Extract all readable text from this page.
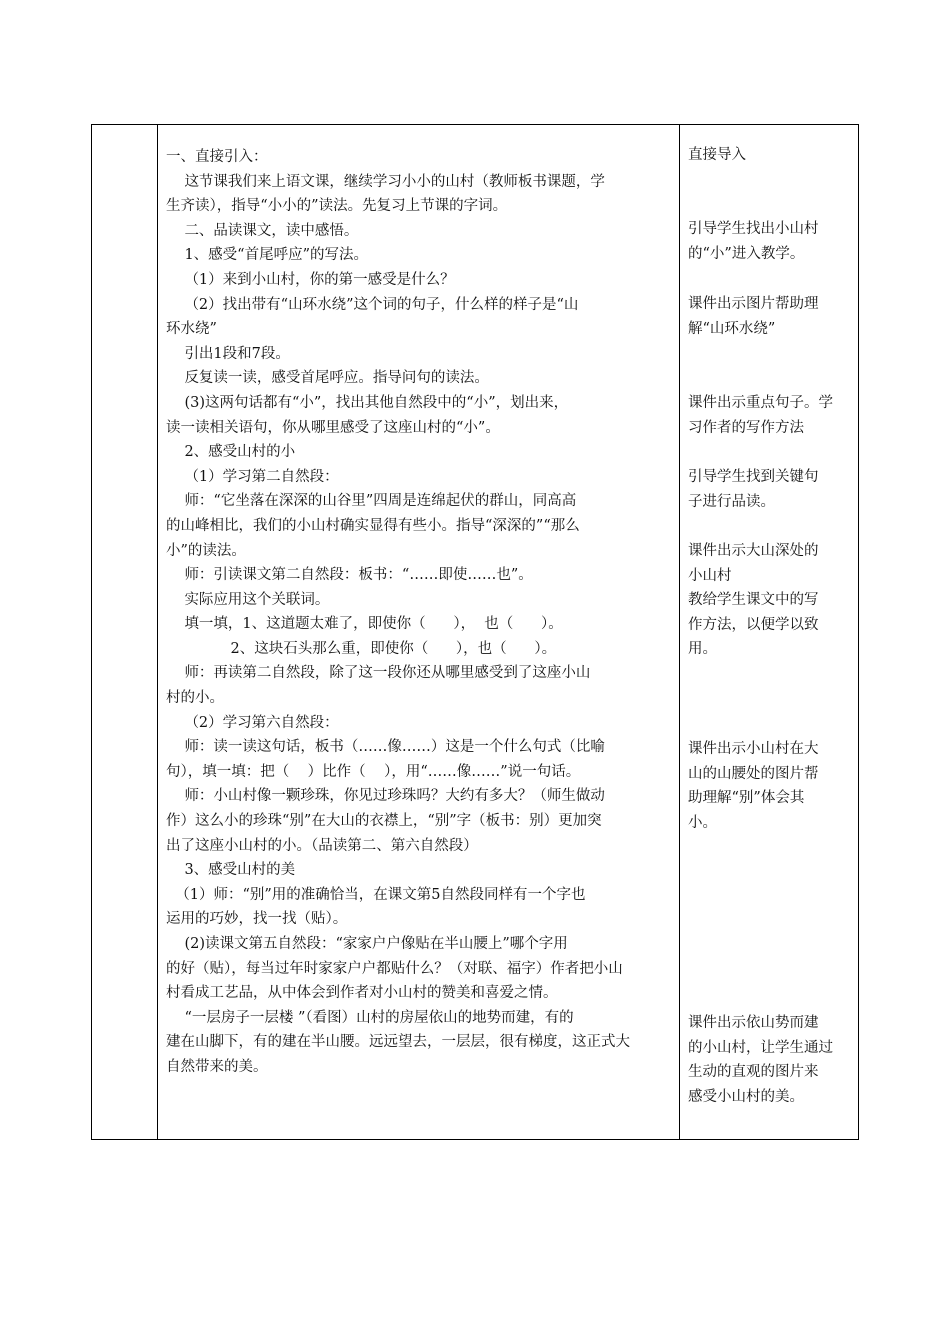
一、直接引入：

这节课我们来上语文课，继续学习小小的山村（教师板书课题，学

生齐读），指导“小小的”读法。先复习上节课的字词。

二、品读课文，读中感悟。

1、感受“首尾呼应”的写法。

（1）来到小山村，你的第一感受是什么？

（2）找出带有“山环水绕”这个词的句子，什么样的样子是“山

环水绕”

引出1段和7段。

反复读一读，感受首尾呼应。指导问句的读法。

(3)这两句话都有“小”，找出其他自然段中的“小”，划出来，

读一读相关语句，你从哪里感受了这座山村的“小”。

2、感受山村的小

（1）学习第二自然段：

师：“它坐落在深深的山谷里”四周是连绵起伏的群山，同高高

的山峰相比，我们的小山村确实显得有些小。指导“深深的”“那么

小”的读法。

师：引读课文第二自然段：板书：“……即使……也”。

实际应用这个关联词。

填一填，1、这道题太难了，即使你（      ），  也（      ）。

2、这块石头那么重，即使你（      ），也（      ）。

师：再读第二自然段，除了这一段你还从哪里感受到了这座小山

村的小。

（2）学习第六自然段：

师：读一读这句话，板书（……像……）这是一个什么句式（比喻

句），填一填：把（    ）比作（    ），用“……像……”说一句话。

师：小山村像一颗珍珠，你见过珍珠吗？大约有多大？（师生做动

作）这么小的珍珠“别”在大山的衣襟上，“别”字（板书：别）更加突

出了这座小山村的小。（品读第二、第六自然段）

3、感受山村的美

（1）师：“别”用的准确恰当，在课文第5自然段同样有一个字也

运用的巧妙，找一找（贴）。

(2)读课文第五自然段：“家家户户像贴在半山腰上”哪个字用

的好（贴），每当过年时家家户户都贴什么？（对联、福字）作者把小山

村看成工艺品，从中体会到作者对小山村的赞美和喜爱之情。

“一层房子一层楼 ”（看图）山村的房屋依山的地势而建，有的

建在山脚下，有的建在半山腰。远远望去，一层层，很有梯度，这正式大

自然带来的美。

直接导入

引导学生找出小山村

的“小”进入教学。

课件出示图片帮助理

解“山环水绕”

课件出示重点句子。学

习作者的写作方法

引导学生找到关键句

子进行品读。

课件出示大山深处的

小山村

教给学生课文中的写

作方法，以便学以致

用。

课件出示小山村在大

山的山腰处的图片帮

助理解“别”体会其

小。

课件出示依山势而建

的小山村，让学生通过

生动的直观的图片来

感受小山村的美。
